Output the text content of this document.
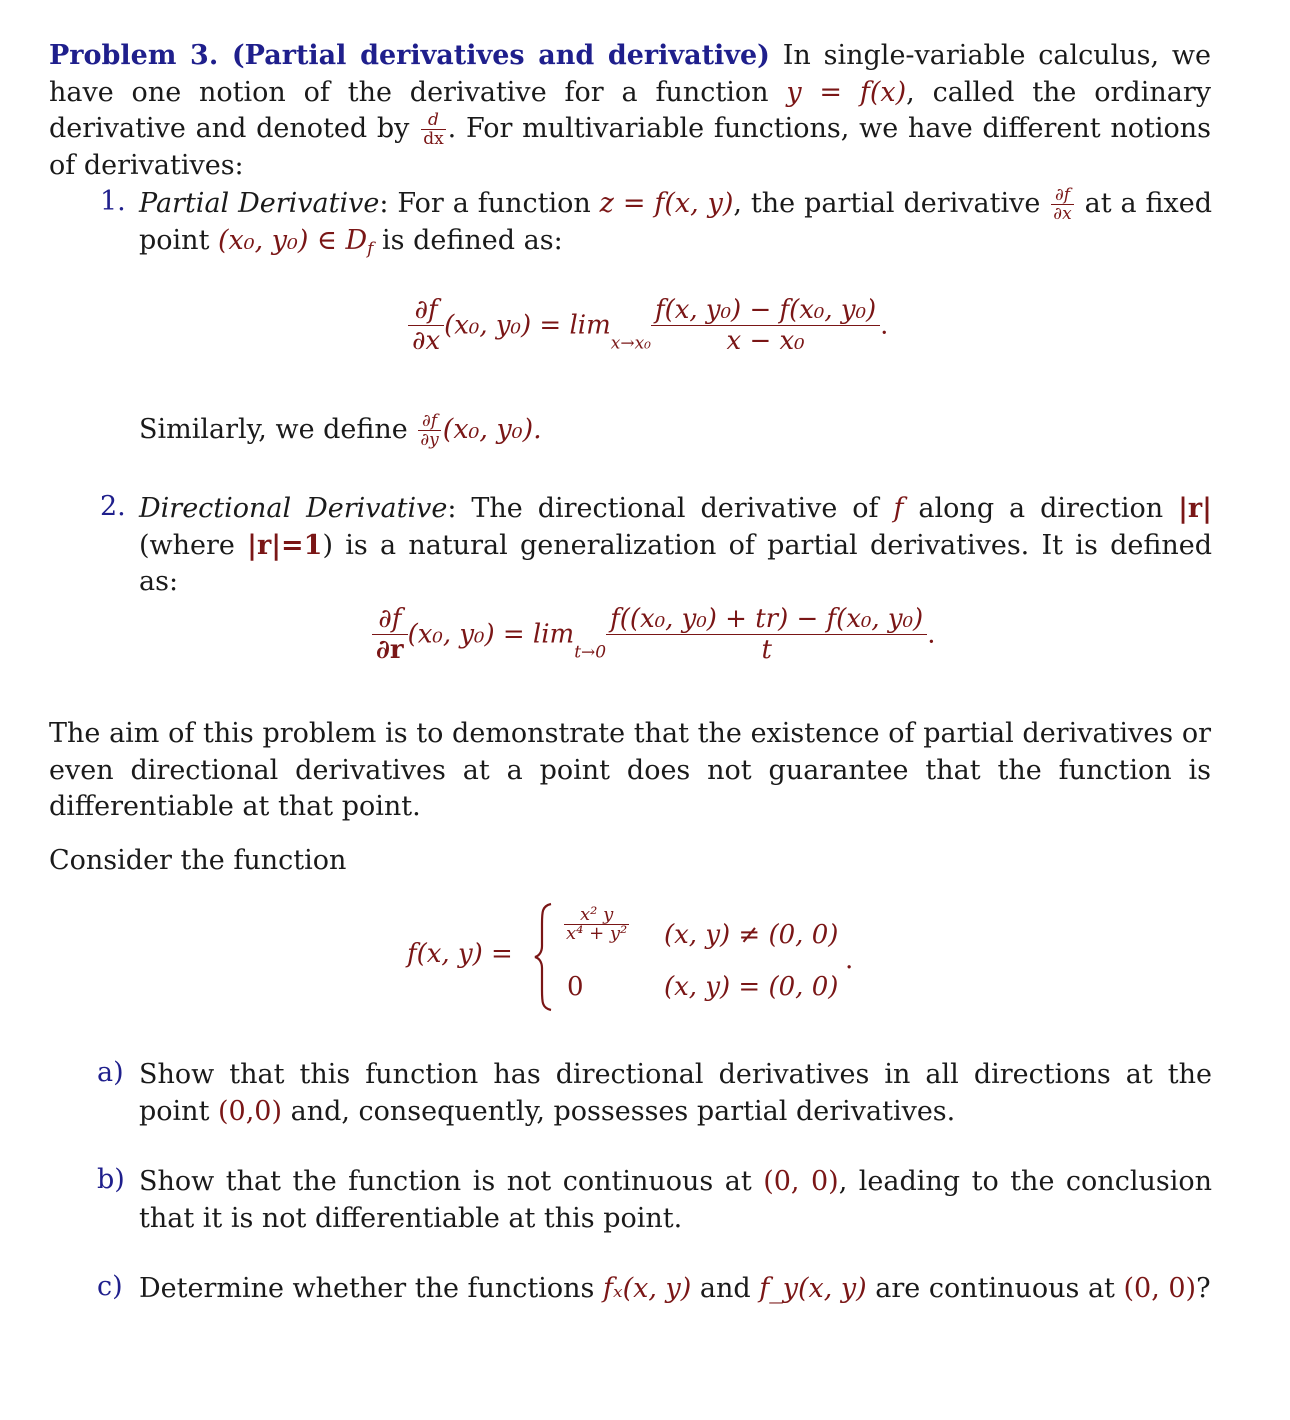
Problem 3. (Partial derivatives and derivative) In single-variable calculus, we have one notion of the derivative for a function y = f(x), called the ordinary derivative and denoted by $\frac{d}{dx}$ . For multivariable functions, we have different notions of derivatives:
1. Partial Derivative: For a function z = f(x, y), the partial derivative $\frac{\partial f}{\partial x}$ at a fixed point (x₀, y₀) ∈ $D_f$ is defined as:
$\frac{\partial f}{\partial x} (x_0$, $y_0) = \lim_{x\to x_0} \frac{\text{f(x, y₀) − f(x₀, y₀)}}{\text{x − x₀}}$ .
Similarly, we define $\frac{\partial f}{\partial y} (x_0$, y₀).
2. Directional Derivative: The directional derivative of f along a direction |r| (where |r|=1) is a natural generalization of partial derivatives. It is defined as:
$\frac{\partial f}{\partial r} (x_0$, $y_0) = \lim_{t\to 0} \frac{\text{f((x₀, y₀) + tr) − f(x₀, y₀)}}{t}$ .
The aim of this problem is to demonstrate that the existence of partial derivatives or even directional derivatives at a point does not guarantee that the function is differentiable at that point.
Consider the function
f(x, y) =
$\frac{\text{x² y}}{\text{x⁴ + y²}} (x$, y) ≠ (0, 0)
0	(x, y) = (0, 0)
.
a) Show that this function has directional derivatives in all directions at the point (0,0) and, consequently, possesses partial derivatives.
b) Show that the function is not continuous at (0, 0), leading to the conclusion that it is not differentiable at this point.
c) Determine whether the functions fₓ(x, y) and f_y(x, y) are continuous at (0, 0)?
